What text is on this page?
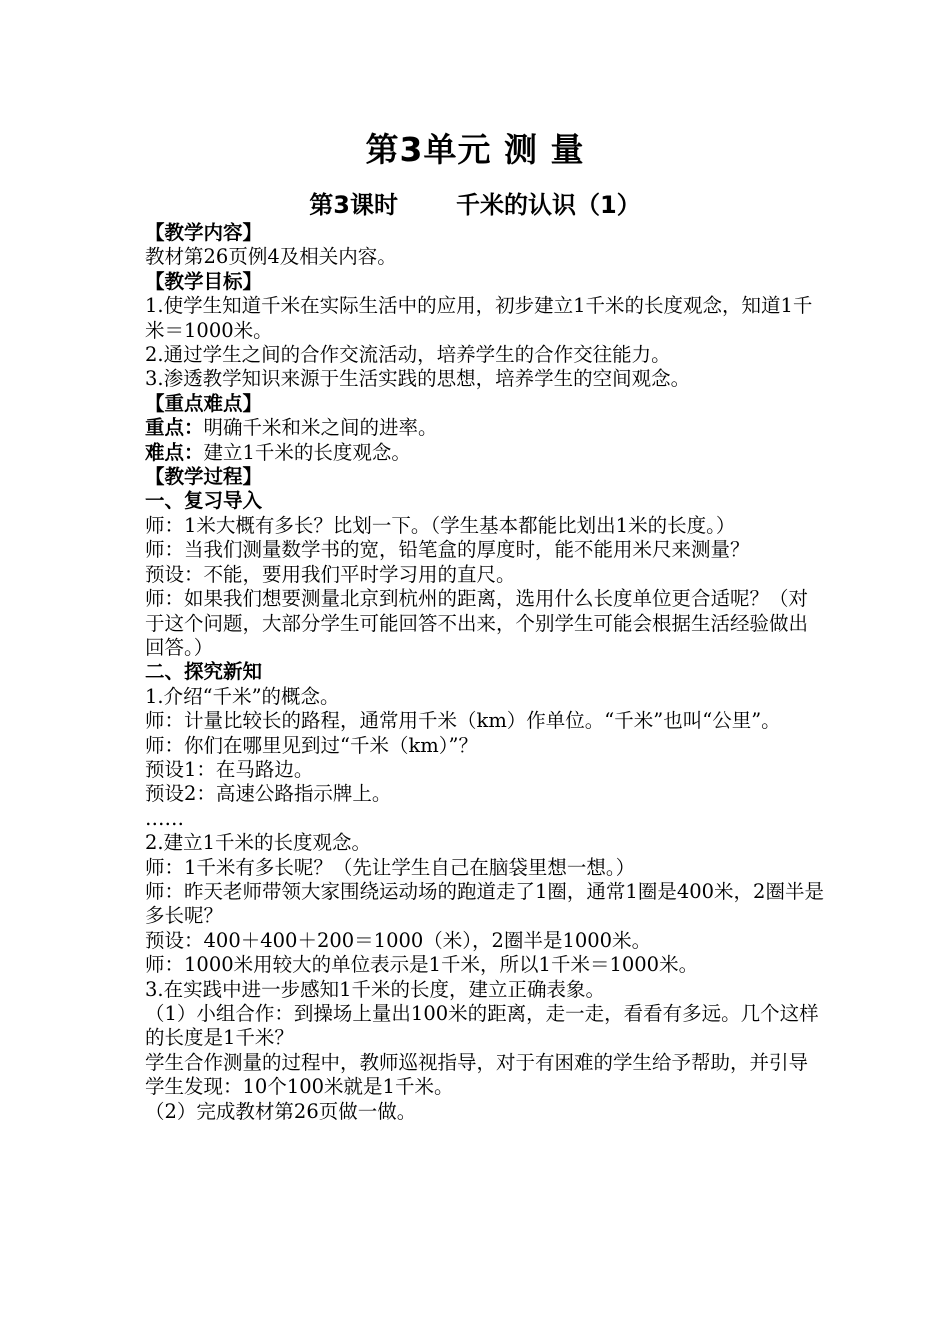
第3单元 测 量
第3课时 千米的认识（1）

【教学内容】

教材第26页例4及相关内容。

【教学目标】

1.使学生知道千米在实际生活中的应用，初步建立1千米的长度观念，知道1千米＝1000米。

2.通过学生之间的合作交流活动，培养学生的合作交往能力。

3.渗透教学知识来源于生活实践的思想，培养学生的空间观念。

【重点难点】

重点：明确千米和米之间的进率。

难点：建立1千米的长度观念。

【教学过程】

一、复习导入

师：1米大概有多长？比划一下。（学生基本都能比划出1米的长度。）

师：当我们测量数学书的宽，铅笔盒的厚度时，能不能用米尺来测量？

预设：不能，要用我们平时学习用的直尺。

师：如果我们想要测量北京到杭州的距离，选用什么长度单位更合适呢？（对于这个问题，大部分学生可能回答不出来，个别学生可能会根据生活经验做出回答。）

二、探究新知

1.介绍“千米”的概念。

师：计量比较长的路程，通常用千米（km）作单位。“千米”也叫“公里”。

师：你们在哪里见到过“千米（km）”？

预设1：在马路边。

预设2：高速公路指示牌上。

……

2.建立1千米的长度观念。

师：1千米有多长呢？（先让学生自己在脑袋里想一想。）

师：昨天老师带领大家围绕运动场的跑道走了1圈，通常1圈是400米，2圈半是多长呢？

预设：400＋400＋200＝1000（米），2圈半是1000米。

师：1000米用较大的单位表示是1千米，所以1千米＝1000米。

3.在实践中进一步感知1千米的长度，建立正确表象。

（1）小组合作：到操场上量出100米的距离，走一走，看看有多远。几个这样的长度是1千米？

学生合作测量的过程中，教师巡视指导，对于有困难的学生给予帮助，并引导学生发现：10个100米就是1千米。

（2）完成教材第26页做一做。
